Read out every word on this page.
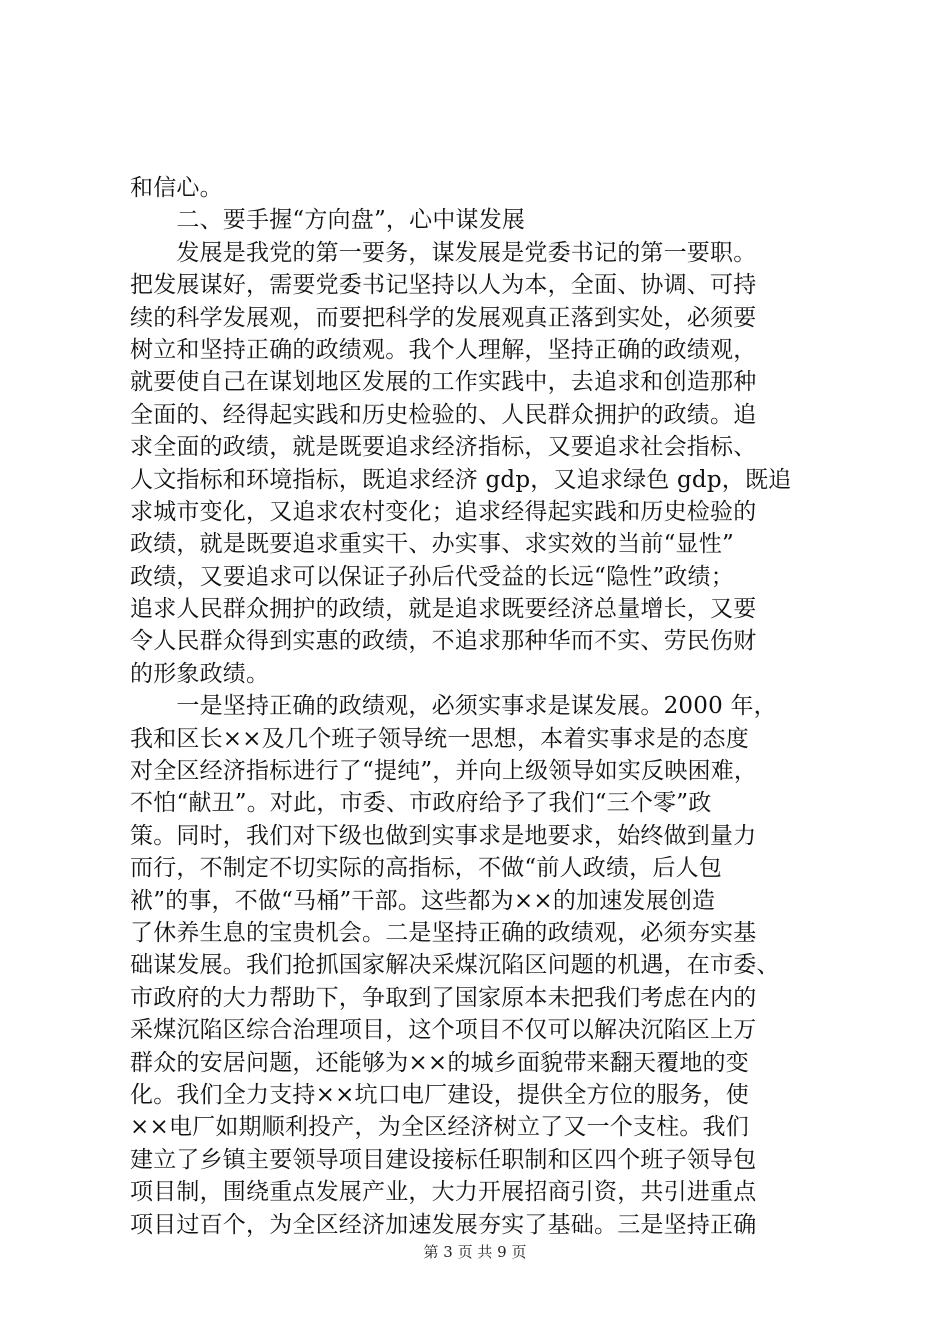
和信心。
　　二、要手握“方向盘”，心中谋发展
　　发展是我党的第一要务，谋发展是党委书记的第一要职。
把发展谋好，需要党委书记坚持以人为本，全面、协调、可持
续的科学发展观，而要把科学的发展观真正落到实处，必须要
树立和坚持正确的政绩观。我个人理解，坚持正确的政绩观，
就要使自己在谋划地区发展的工作实践中，去追求和创造那种
全面的、经得起实践和历史检验的、人民群众拥护的政绩。追
求全面的政绩，就是既要追求经济指标，又要追求社会指标、
人文指标和环境指标，既追求经济 gdp，又追求绿色 gdp，既追
求城市变化，又追求农村变化；追求经得起实践和历史检验的
政绩，就是既要追求重实干、办实事、求实效的当前“显性”
政绩，又要追求可以保证子孙后代受益的长远“隐性”政绩；
追求人民群众拥护的政绩，就是追求既要经济总量增长，又要
令人民群众得到实惠的政绩，不追求那种华而不实、劳民伤财
的形象政绩。
　　一是坚持正确的政绩观，必须实事求是谋发展。2000 年，
我和区长××及几个班子领导统一思想，本着实事求是的态度
对全区经济指标进行了“提纯”，并向上级领导如实反映困难，
不怕“献丑”。对此，市委、市政府给予了我们“三个零”政
策。同时，我们对下级也做到实事求是地要求，始终做到量力
而行，不制定不切实际的高指标，不做“前人政绩，后人包
袱”的事，不做“马桶”干部。这些都为××的加速发展创造
了休养生息的宝贵机会。二是坚持正确的政绩观，必须夯实基
础谋发展。我们抢抓国家解决采煤沉陷区问题的机遇，在市委、
市政府的大力帮助下，争取到了国家原本未把我们考虑在内的
采煤沉陷区综合治理项目，这个项目不仅可以解决沉陷区上万
群众的安居问题，还能够为××的城乡面貌带来翻天覆地的变
化。我们全力支持××坑口电厂建设，提供全方位的服务，使
××电厂如期顺利投产，为全区经济树立了又一个支柱。我们
建立了乡镇主要领导项目建设接标任职制和区四个班子领导包
项目制，围绕重点发展产业，大力开展招商引资，共引进重点
项目过百个，为全区经济加速发展夯实了基础。三是坚持正确
第 3 页 共 9 页
